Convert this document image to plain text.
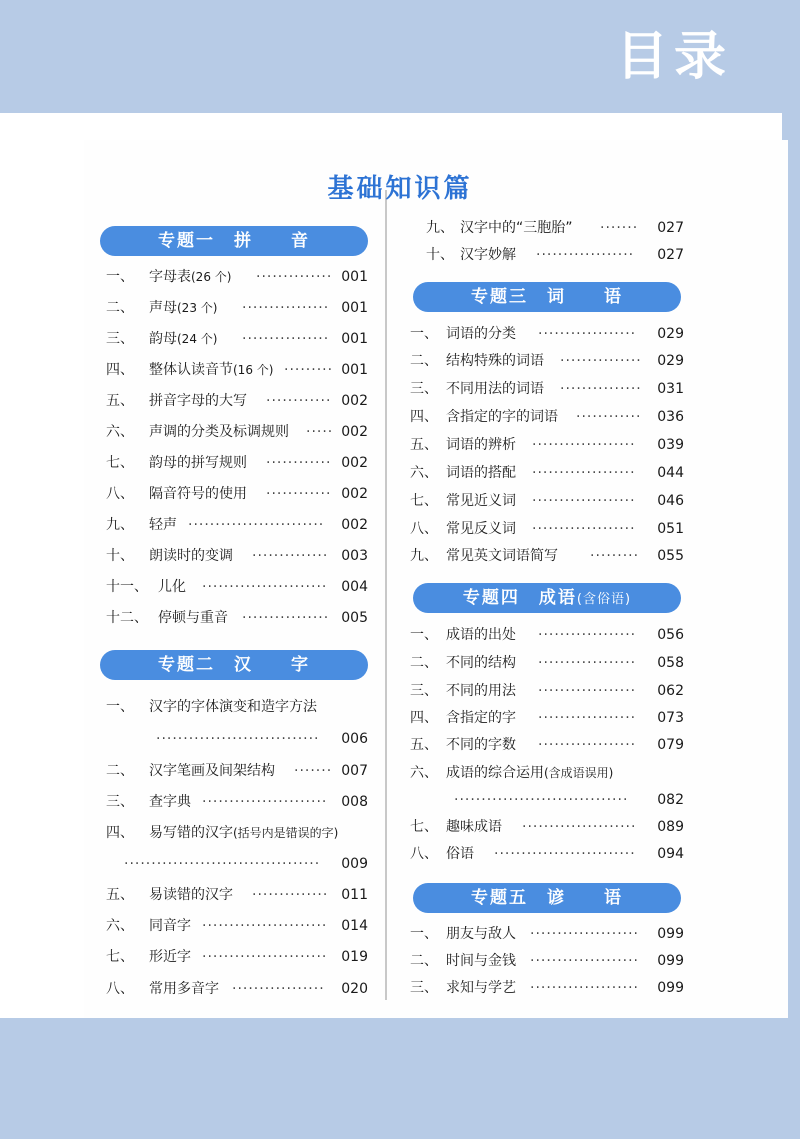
目录
基础知识篇
专题一　拼　　音
专题二　汉　　字
专题三　词　　语
专题四　成语(含俗语)
专题五　谚　　语
一、 字母表(26 个) ·············· 001
二、 声母(23 个) ················ 001
三、 韵母(24 个) ················ 001
四、 整体认读音节(16 个) ········· 001
五、 拼音字母的大写 ············ 002
六、 声调的分类及标调规则 ····· 002
七、 韵母的拼写规则 ············ 002
八、 隔音符号的使用 ············ 002
九、 轻声 ·························	002
十、 朗读时的变调 ·············· 003
十一、 儿化 ······················· 004
十二、 停顿与重音 ················ 005
一、 汉字的字体演变和造字方法
······························	006
二、 汉字笔画及间架结构 ······· 007
三、 查字典 ······················· 008
四、 易写错的汉字(括号内是错误的字)
····································	009
五、 易读错的汉字 ·············· 011
六、 同音字 ······················· 014
七、 形近字 ······················· 019
八、 常用多音字 ·················	020
九、 汉字中的“三胞胎” ·······	027
十、 汉字妙解 ··················	027
一、 词语的分类 ··················	029
二、 结构特殊的词语 ···············	029
三、 不同用法的词语 ···············	031
四、 含指定的字的词语 ············	036
五、 词语的辨析 ···················	039
六、 词语的搭配 ···················	044
七、 常见近义词 ···················	046
八、 常见反义词 ···················	051
九、 常见英文词语简写 ·········	055
一、 成语的出处 ··················	056
二、 不同的结构 ··················	058
三、 不同的用法 ··················	062
四、 含指定的字 ··················	073
五、 不同的字数 ··················	079
六、 成语的综合运用(含成语误用)
································	082
七、 趣味成语 ·····················	089
八、 俗语 ··························	094
一、 朋友与敌人 ····················	099
二、 时间与金钱 ····················	099
三、 求知与学艺 ····················	099
